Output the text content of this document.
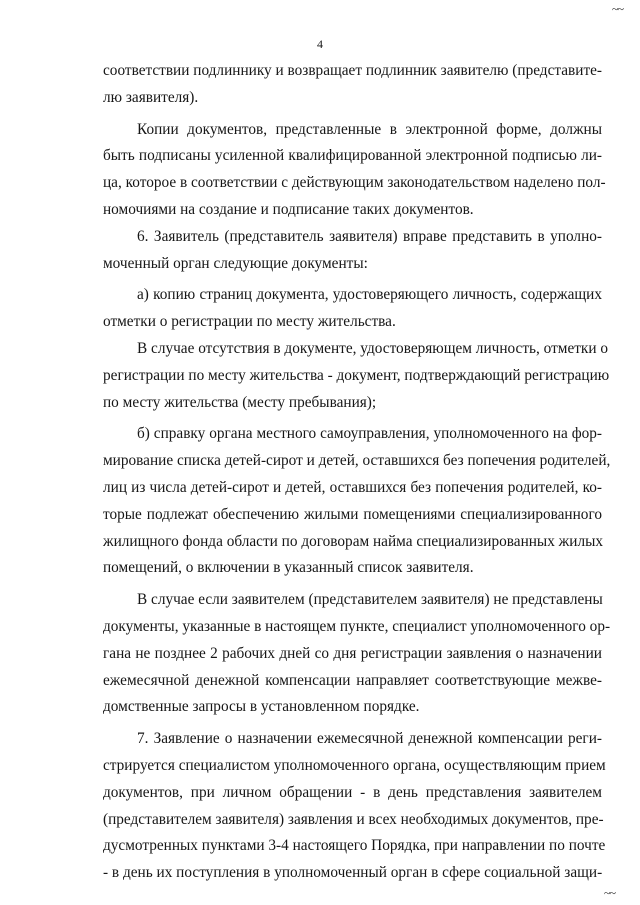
~~
4
соответствии подлиннику и возвращает подлинник заявителю (представите-
лю заявителя).
Копии документов, представленные в электронной форме, должны
быть подписаны усиленной квалифицированной электронной подписью ли-
ца, которое в соответствии с действующим законодательством наделено пол-
номочиями на создание и подписание таких документов.
6. Заявитель (представитель заявителя) вправе представить в уполно-
моченный орган следующие документы:
а) копию страниц документа, удостоверяющего личность, содержащих
отметки о регистрации по месту жительства.
В случае отсутствия в документе, удостоверяющем личность, отметки о
регистрации по месту жительства - документ, подтверждающий регистрацию
по месту жительства (месту пребывания);
б) справку органа местного самоуправления, уполномоченного на фор-
мирование списка детей-сирот и детей, оставшихся без попечения родителей,
лиц из числа детей-сирот и детей, оставшихся без попечения родителей, ко-
торые подлежат обеспечению жилыми помещениями специализированного
жилищного фонда области по договорам найма специализированных жилых
помещений, о включении в указанный список заявителя.
В случае если заявителем (представителем заявителя) не представлены
документы, указанные в настоящем пункте, специалист уполномоченного ор-
гана не позднее 2 рабочих дней со дня регистрации заявления о назначении
ежемесячной денежной компенсации направляет соответствующие межве-
домственные запросы в установленном порядке.
7. Заявление о назначении ежемесячной денежной компенсации реги-
стрируется специалистом уполномоченного органа, осуществляющим прием
документов, при личном обращении - в день представления заявителем
(представителем заявителя) заявления и всех необходимых документов, пре-
дусмотренных пунктами 3-4 настоящего Порядка, при направлении по почте
- в день их поступления в уполномоченный орган в сфере социальной защи-
~~
